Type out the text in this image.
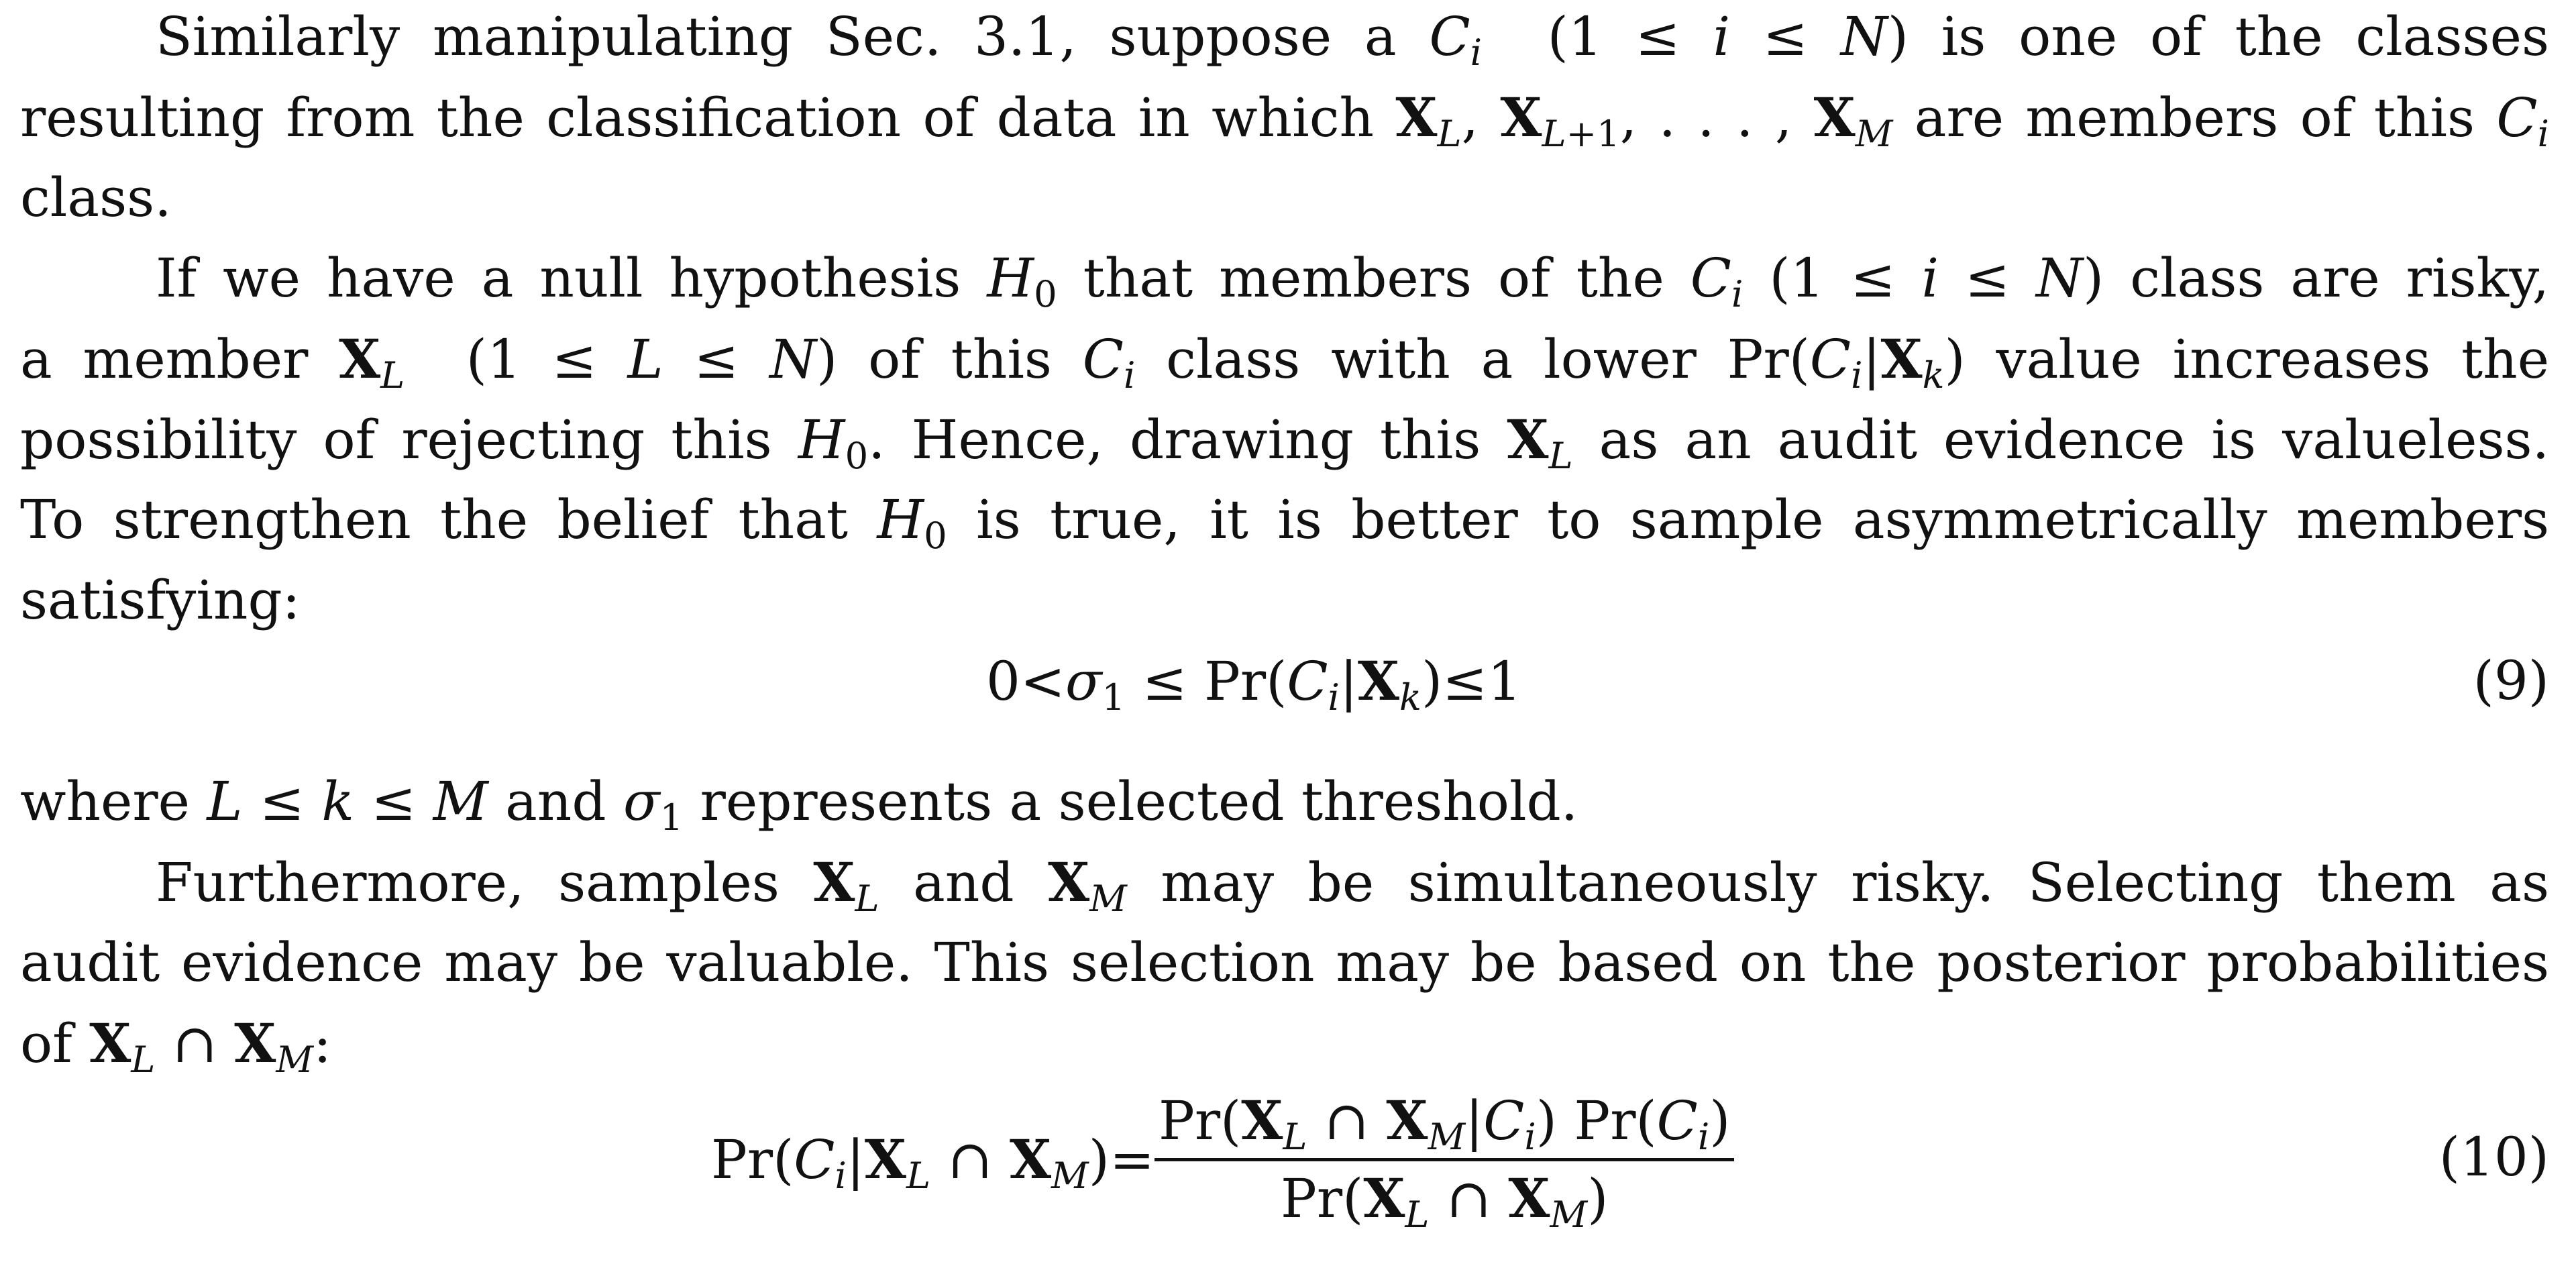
Similarly manipulating Sec. 3.1, suppose a $C_i$  (1 ≤ i ≤ N) is one of the classes
resulting from the classification of data in which $X_L$, $X_{L+1}$, . . . , $X_M$ are members of this $C_i$
class.
If we have a null hypothesis $H_0$ that members of the $C_i$ (1 ≤ i ≤ N) class are risky,
a member $X_L$  (1 ≤ L ≤ N) of this $C_i$ class with a lower $Pr(C_i|X_k)$ value increases the
possibility of rejecting this $H_0$. Hence, drawing this $X_L$ as an audit evidence is valueless.
To strengthen the belief that $H_0$ is true, it is better to sample asymmetrically members
satisfying:
$0<\sigma_1 \le Pr(C_i|X_k)\le 1$	(9)
where L ≤ k ≤ M and $\sigma_1$ represents a selected threshold.
Furthermore, samples $X_L$ and $X_M$ may be simultaneously risky. Selecting them as
audit evidence may be valuable. This selection may be based on the posterior probabilities
of $X_L$ ∩ $X_M$:
$Pr(C_i|X_L$ ∩ $X_M)= \frac{Pr(X_L \cap X_M|C_i) Pr(C_i)}{Pr(X_L \cap X_M)}$	(10)
